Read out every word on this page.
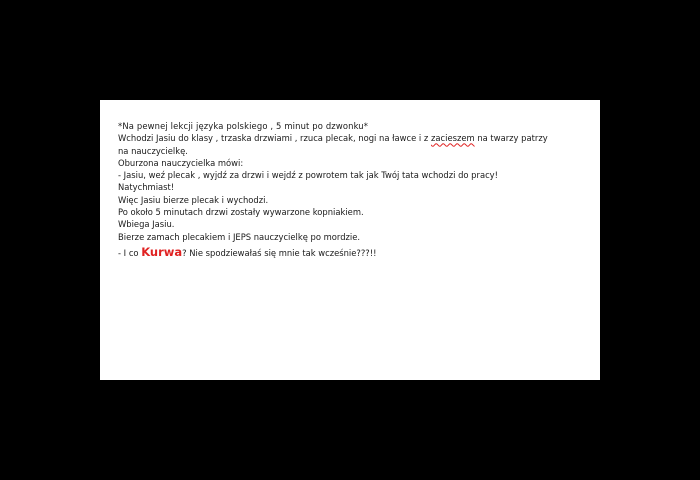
*Na pewnej lekcji języka polskiego , 5 minut po dzwonku*
Wchodzi Jasiu do klasy , trzaska drzwiami , rzuca plecak, nogi na ławce i z zacieszem na twarzy patrzy
na nauczycielkę.
Oburzona nauczycielka mówi:
- Jasiu, weź plecak , wyjdź za drzwi i wejdź z powrotem tak jak Twój tata wchodzi do pracy!
Natychmiast!
Więc Jasiu bierze plecak i wychodzi.
Po około 5 minutach drzwi zostały wywarzone kopniakiem.
Wbiega Jasiu.
Bierze zamach plecakiem i JEPS nauczycielkę po mordzie.
- I co Kurwa? Nie spodziewałaś się mnie tak wcześnie???!!
